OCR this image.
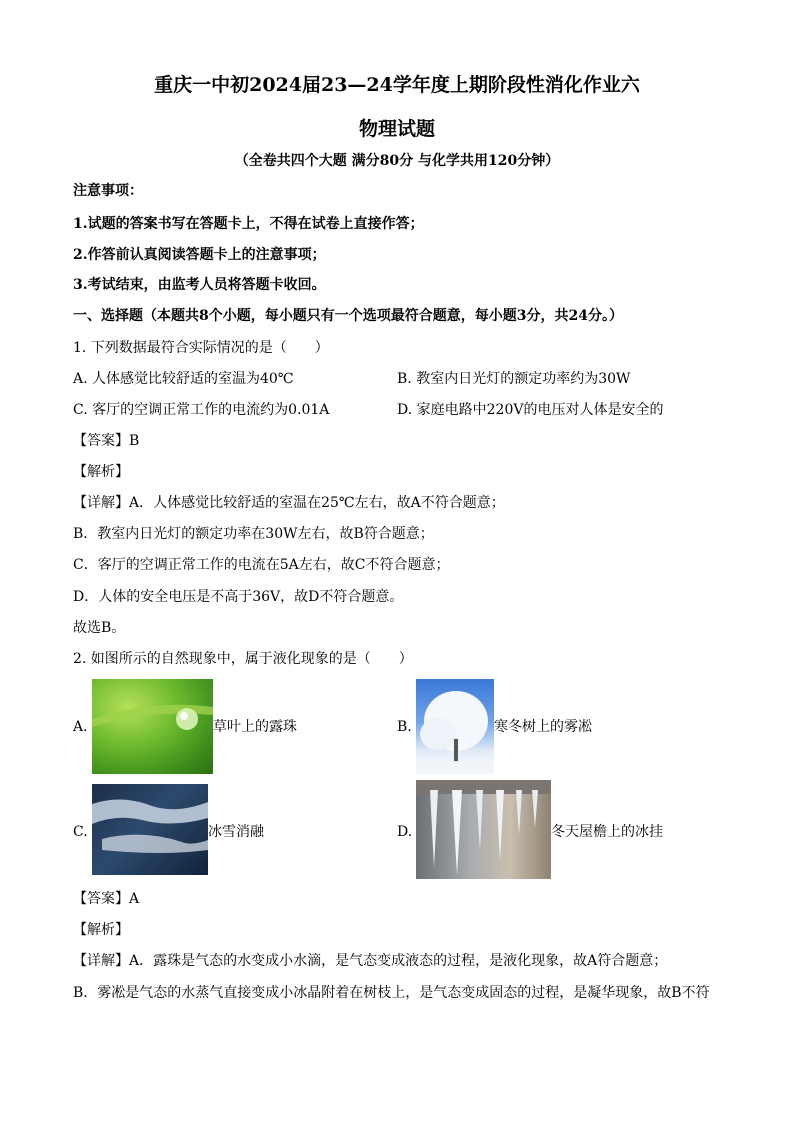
重庆一中初2024届23—24学年度上期阶段性消化作业六
物理试题
（全卷共四个大题 满分80分 与化学共用120分钟）
注意事项：
1.试题的答案书写在答题卡上，不得在试卷上直接作答；
2.作答前认真阅读答题卡上的注意事项；
3.考试结束，由监考人员将答题卡收回。
一、选择题（本题共8个小题，每小题只有一个选项最符合题意，每小题3分，共24分。）
1. 下列数据最符合实际情况的是（　　）
A. 人体感觉比较舒适的室温为40℃	B. 教室内日光灯的额定功率约为30W
C. 客厅的空调正常工作的电流约为0.01A	D. 家庭电路中220V的电压对人体是安全的
【答案】B
【解析】
【详解】A．人体感觉比较舒适的室温在25℃左右，故A不符合题意；
B．教室内日光灯的额定功率在30W左右，故B符合题意；
C．客厅的空调正常工作的电流在5A左右，故C不符合题意；
D．人体的安全电压是不高于36V，故D不符合题意。
故选B。
2. 如图所示的自然现象中，属于液化现象的是（　　）
A.	草叶上的露珠	B.	寒冬树上的雾凇
C.	冰雪消融	D.	冬天屋檐上的冰挂
【答案】A
【解析】
【详解】A．露珠是气态的水变成小水滴，是气态变成液态的过程，是液化现象，故A符合题意；
B．雾凇是气态的水蒸气直接变成小冰晶附着在树枝上，是气态变成固态的过程，是凝华现象，故B不符
